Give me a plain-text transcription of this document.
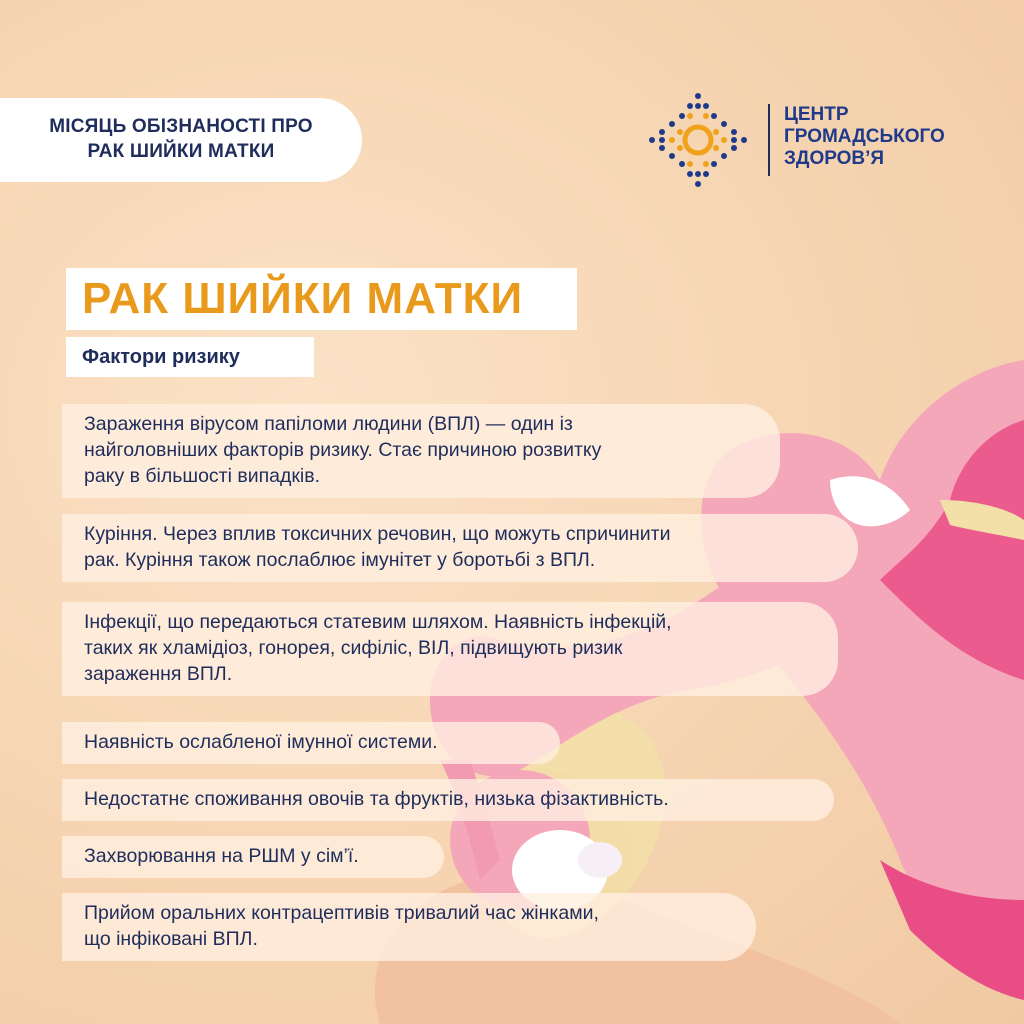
МІСЯЦЬ ОБІЗНАНОСТІ ПРО
РАК ШИЙКИ МАТКИ
ЦЕНТР
ГРОМАДСЬКОГО
ЗДОРОВ’Я
РАК ШИЙКИ МАТКИ
Фактори ризику
Зараження вірусом папіломи людини (ВПЛ) — один із
найголовніших факторів ризику. Стає причиною розвитку
раку в більшості випадків.
Куріння. Через вплив токсичних речовин, що можуть спричинити
рак. Куріння також послаблює імунітет у боротьбі з ВПЛ.
Інфекції, що передаються статевим шляхом. Наявність інфекцій,
таких як хламідіоз, гонорея, сифіліс, ВІЛ, підвищують ризик
зараження ВПЛ.
Наявність ослабленої імунної системи.
Недостатнє споживання овочів та фруктів, низька фізактивність.
Захворювання на РШМ у сім’ї.
Прийом оральних контрацептивів тривалий час жінками,
що інфіковані ВПЛ.
